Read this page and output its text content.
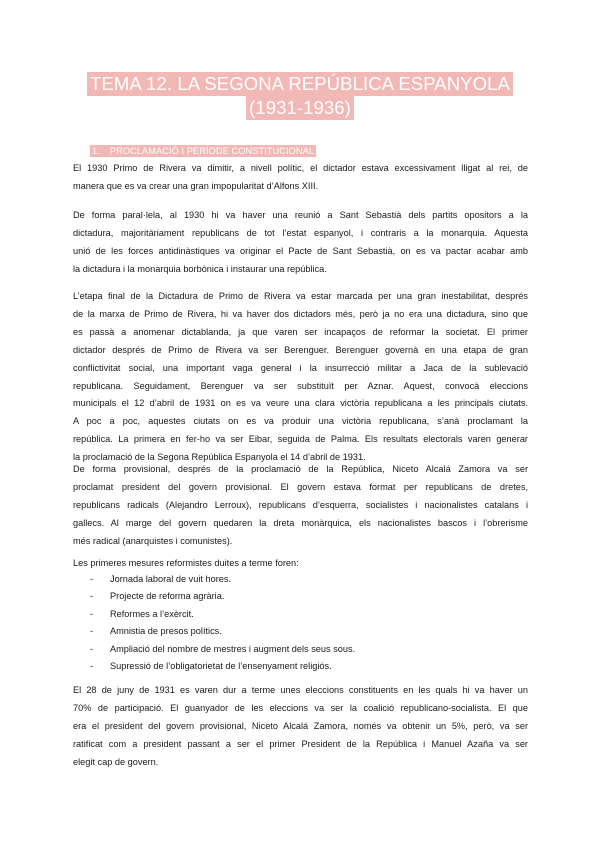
TEMA 12. LA SEGONA REPÚBLICA ESPANYOLA
(1931-1936)
1. PROCLAMACIÓ I PERÍODE CONSTITUCIONAL

El 1930 Primo de Rivera va dimitir, a nivell polític, el dictador estava excessivament lligat al rei, de
manera que es va crear una gran impopularitat d’Alfons XIII.

De forma paral·lela, al 1930 hi va haver una reunió a Sant Sebastià dels partits opositors a la
dictadura, majoritàriament republicans de tot l’estat espanyol, i contraris a la monarquia. Aquesta
unió de les forces antidinàstiques va originar el Pacte de Sant Sebastià, on es va pactar acabar amb
la dictadura i la monarquia borbònica i instaurar una república.

L’etapa final de la Dictadura de Primo de Rivera va estar marcada per una gran inestabilitat, després
de la marxa de Primo de Rivera, hi va haver dos dictadors més, però ja no era una dictadura, sino que
es passà a anomenar dictablanda, ja que varen ser incapaços de reformar la societat. El primer
dictador després de Primo de Rivera va ser Berenguer. Berenguer governà en una etapa de gran
conflictivitat social, una important vaga general i la insurrecció militar a Jaca de la sublevació
republicana. Seguidament, Berenguer va ser substituït per Aznar. Aquest, convocà eleccions
municipals el 12 d’abril de 1931 on es va veure una clara victòria republicana a les principals ciutats.
A poc a poc, aquestes ciutats on es va produir una victòria republicana, s’anà proclamant la
república. La primera en fer-ho va ser Eibar, seguida de Palma. Els resultats electorals varen generar
la proclamació de la Segona República Espanyola el 14 d’abril de 1931.

De forma provisional, després de la proclamació de la República, Niceto Alcalá Zamora va ser
proclamat president del govern provisional. El govern estava format per republicans de dretes,
republicans radicals (Alejandro Lerroux), republicans d’esquerra, socialistes i nacionalistes catalans i
gallecs. Al marge del govern quedaren la dreta monàrquica, els nacionalistes bascos i l’obrerisme
més radical (anarquistes i comunistes).

Les primeres mesures reformistes duites a terme foren:

- Jornada laboral de vuit hores.
- Projecte de reforma agrària.
- Reformes a l’exèrcit.
- Amnistia de presos polítics.
- Ampliació del nombre de mestres i augment dels seus sous.
- Supressió de l’obligatorietat de l’ensenyament religiós.

El 28 de juny de 1931 es varen dur a terme unes eleccions constituents en les quals hi va haver un
70% de participació. El guanyador de les eleccions va ser la coalició republicano-socialista. El que
era el president del govern provisional, Niceto Alcalá Zamora, només va obtenir un 5%, però, va ser
ratificat com a president passant a ser el primer President de la República i Manuel Azaña va ser
elegit cap de govern.
